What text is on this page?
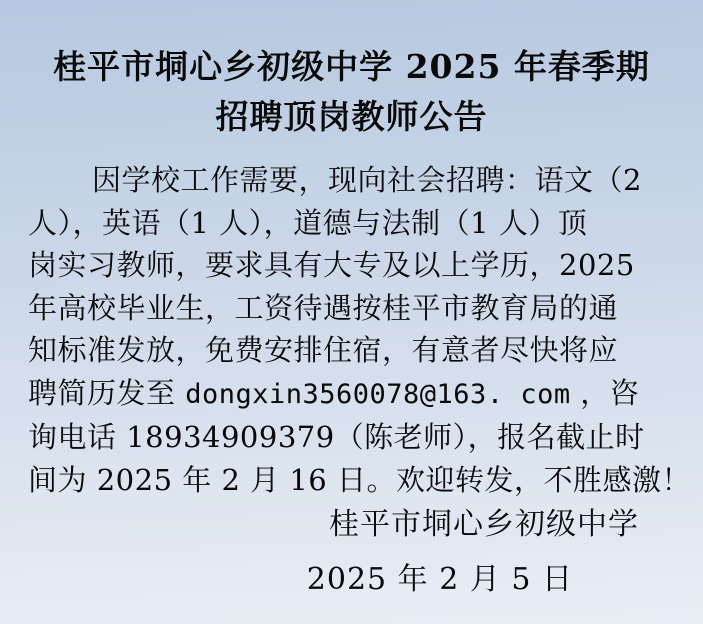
桂平市垌心乡初级中学 2025 年春季期
招聘顶岗教师公告
因学校工作需要，现向社会招聘：语文（2
人），英语（1 人），道德与法制（1 人）顶
岗实习教师，要求具有大专及以上学历，2025
年高校毕业生，工资待遇按桂平市教育局的通
知标准发放，免费安排住宿，有意者尽快将应
聘简历发至 dongxin3560078@163. com ，咨
询电话 18934909379（陈老师），报名截止时
间为 2025 年 2 月 16 日。欢迎转发，不胜感激！
桂平市垌心乡初级中学
2025 年 2 月 5 日
